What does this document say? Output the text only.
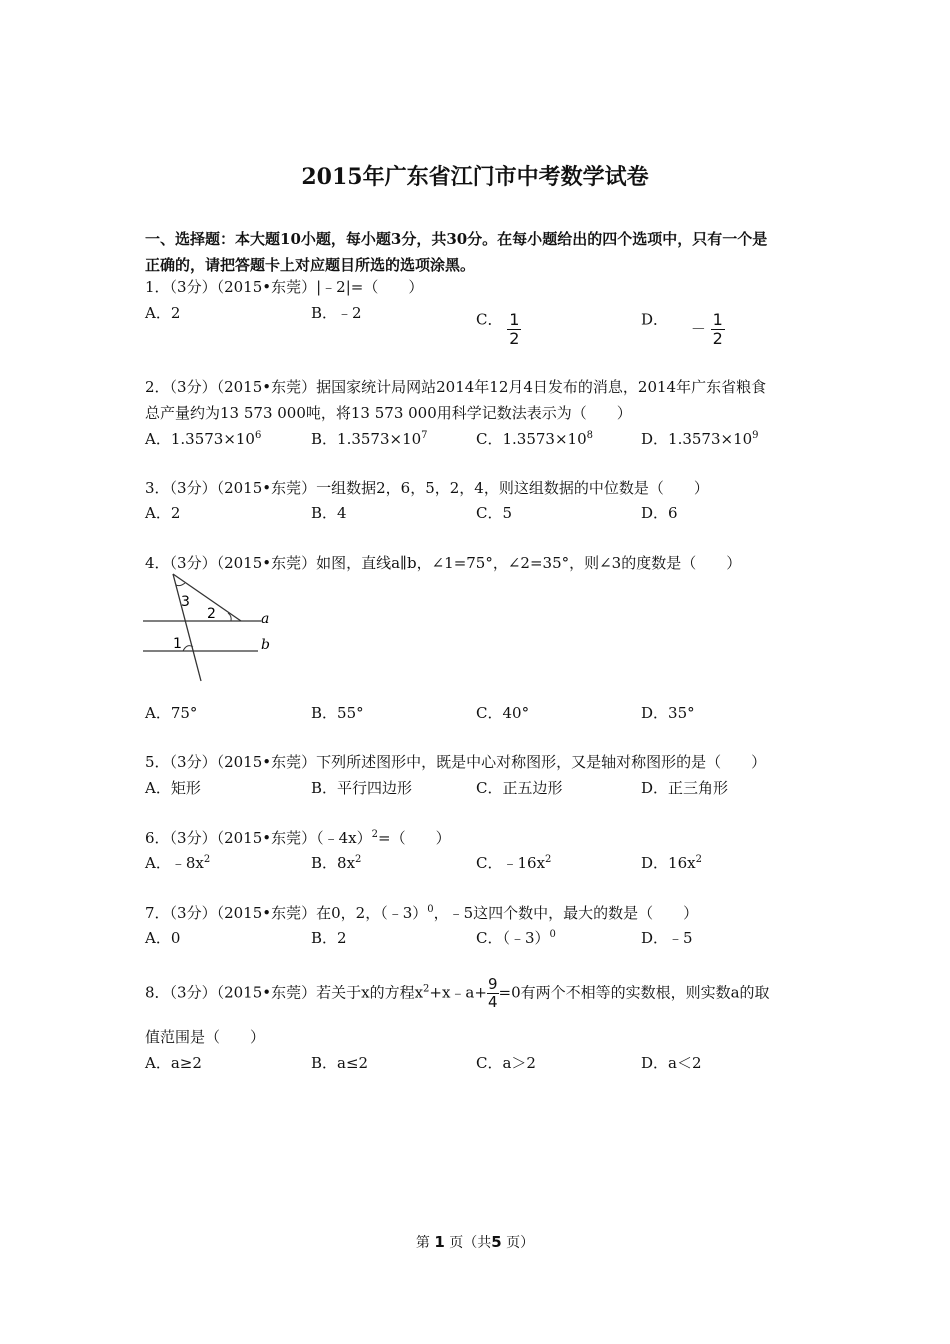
2015年广东省江门市中考数学试卷
一、选择题：本大题10小题，每小题3分，共30分。在每小题给出的四个选项中，只有一个是
正确的，请把答题卡上对应题目所选的选项涂黑。
1．（3分）（2015•东莞）|﹣2|=（　　）
A．2	B．﹣2	C． $\frac{1}{2}$	D． － $\frac{1}{2}$
2．（3分）（2015•东莞）据国家统计局网站2014年12月4日发布的消息，2014年广东省粮食
总产量约为13 573 000吨，将13 573 000用科学记数法表示为（　　）
A．$1.3573\times 10^6$	B．$1.3573\times 10^7$	C．$1.3573\times 10^8$	D．$1.3573\times 10^9$
3．（3分）（2015•东莞）一组数据2，6，5，2，4，则这组数据的中位数是（　　）
A．2	B．4	C．5	D．6
4．（3分）（2015•东莞）如图，直线a∥b，∠1=75°，∠2=35°，则∠3的度数是（　　）
3
2
1
a
b
A．75°	B．55°	C．40°	D．35°
5．（3分）（2015•东莞）下列所述图形中，既是中心对称图形，又是轴对称图形的是（　　）
A．矩形	B．平行四边形	C．正五边形	D．正三角形
6．（3分）（2015•东莞）（﹣4x）$^2$=（　　）
A．$﹣8x^2$	B．$8x^2$	C．$﹣16x^2$	D．$16x^2$
7．（3分）（2015•东莞）在0，2，（﹣3）$^0$，﹣5这四个数中，最大的数是（　　）
A．0	B．2	C．（﹣3）$^0$	D．﹣5
8．（3分）（2015•东莞）若关于x的方程$x^2+x﹣a+ \frac{9}{4} =0$有两个不相等的实数根，则实数a的取
值范围是（　　）
A．a≥2	B．a≤2	C．a＞2	D．a＜2
第 1 页（共5 页）
